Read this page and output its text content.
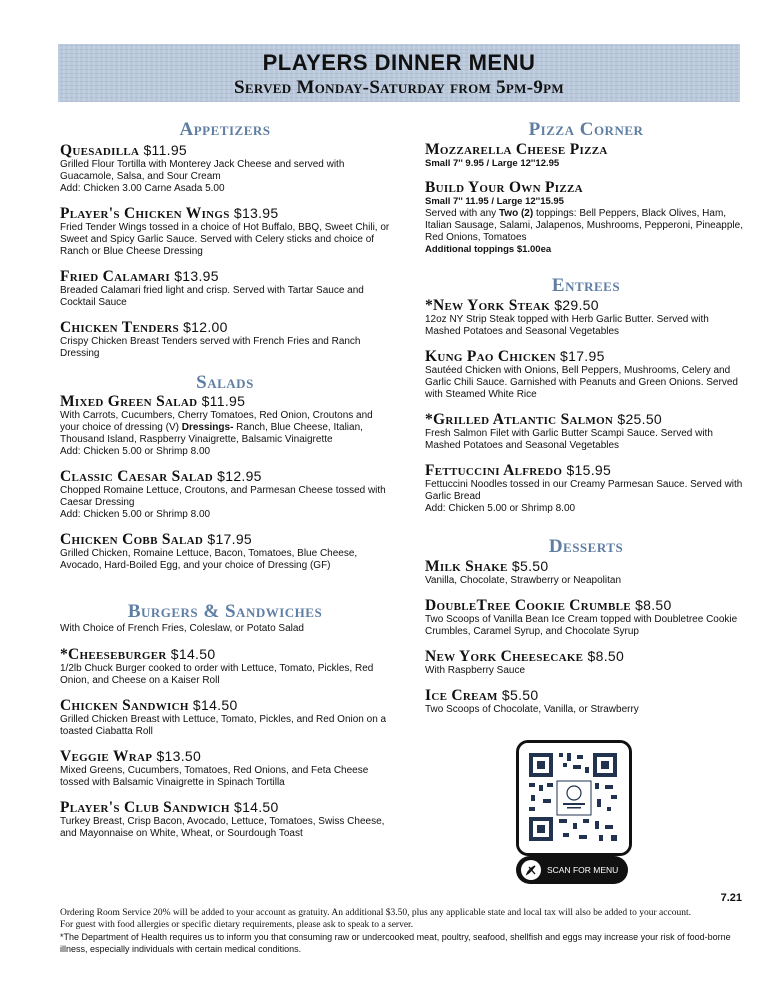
PLAYERS DINNER MENU
Served Monday-Saturday from 5pm-9pm
Appetizers
Quesadilla $11.95
Grilled Flour Tortilla with Monterey Jack Cheese and served with Guacamole, Salsa, and Sour Cream
Add: Chicken 3.00 Carne Asada 5.00
Player's Chicken Wings $13.95
Fried Tender Wings tossed in a choice of Hot Buffalo, BBQ, Sweet Chili, or Sweet and Spicy Garlic Sauce. Served with Celery sticks and choice of Ranch or Blue Cheese Dressing
Fried Calamari $13.95
Breaded Calamari fried light and crisp. Served with Tartar Sauce and Cocktail Sauce
Chicken Tenders $12.00
Crispy Chicken Breast Tenders served with French Fries and Ranch Dressing
Salads
Mixed Green Salad $11.95
With Carrots, Cucumbers, Cherry Tomatoes, Red Onion, Croutons and your choice of dressing (V) Dressings- Ranch, Blue Cheese, Italian, Thousand Island, Raspberry Vinaigrette, Balsamic Vinaigrette
Add: Chicken 5.00 or Shrimp 8.00
Classic Caesar Salad $12.95
Chopped Romaine Lettuce, Croutons, and Parmesan Cheese tossed with Caesar Dressing
Add: Chicken 5.00 or Shrimp 8.00
Chicken Cobb Salad $17.95
Grilled Chicken, Romaine Lettuce, Bacon, Tomatoes, Blue Cheese, Avocado, Hard-Boiled Egg, and your choice of Dressing (GF)
Burgers & Sandwiches
With Choice of French Fries, Coleslaw, or Potato Salad
*Cheeseburger $14.50
1/2lb Chuck Burger cooked to order with Lettuce, Tomato, Pickles, Red Onion, and Cheese on a Kaiser Roll
Chicken Sandwich $14.50
Grilled Chicken Breast with Lettuce, Tomato, Pickles, and Red Onion on a toasted Ciabatta Roll
Veggie Wrap $13.50
Mixed Greens, Cucumbers, Tomatoes, Red Onions, and Feta Cheese tossed with Balsamic Vinaigrette in Spinach Tortilla
Player's Club Sandwich $14.50
Turkey Breast, Crisp Bacon, Avocado, Lettuce, Tomatoes, Swiss Cheese, and Mayonnaise on White, Wheat, or Sourdough Toast
Pizza Corner
Mozzarella Cheese Pizza
Small 7'' 9.95 / Large 12''12.95
Build Your Own Pizza
Small 7'' 11.95 / Large 12''15.95
Served with any Two (2) toppings: Bell Peppers, Black Olives, Ham, Italian Sausage, Salami, Jalapenos, Mushrooms, Pepperoni, Pineapple, Red Onions, Tomatoes
Additional toppings $1.00ea
Entrees
*New York Steak $29.50
12oz NY Strip Steak topped with Herb Garlic Butter. Served with Mashed Potatoes and Seasonal Vegetables
Kung Pao Chicken $17.95
Sautéed Chicken with Onions, Bell Peppers, Mushrooms, Celery and Garlic Chili Sauce. Garnished with Peanuts and Green Onions. Served with Steamed White Rice
*Grilled Atlantic Salmon $25.50
Fresh Salmon Filet with Garlic Butter Scampi Sauce. Served with Mashed Potatoes and Seasonal Vegetables
Fettuccini Alfredo $15.95
Fettuccini Noodles tossed in our Creamy Parmesan Sauce. Served with Garlic Bread
Add: Chicken 5.00 or Shrimp 8.00
Desserts
Milk Shake $5.50
Vanilla, Chocolate, Strawberry or Neapolitan
DoubleTree Cookie Crumble $8.50
Two Scoops of Vanilla Bean Ice Cream topped with Doubletree Cookie Crumbles, Caramel Syrup, and Chocolate Syrup
New York Cheesecake $8.50
With Raspberry Sauce
Ice Cream $5.50
Two Scoops of Chocolate, Vanilla, or Strawberry
SCAN FOR MENU
7.21
Ordering Room Service 20% will be added to your account as gratuity. An additional $3.50, plus any applicable state and local tax will also be added to your account.
For guest with food allergies or specific dietary requirements, please ask to speak to a server.
*The Department of Health requires us to inform you that consuming raw or undercooked meat, poultry, seafood, shellfish and eggs may increase your risk of food-borne illness, especially individuals with certain medical conditions.
